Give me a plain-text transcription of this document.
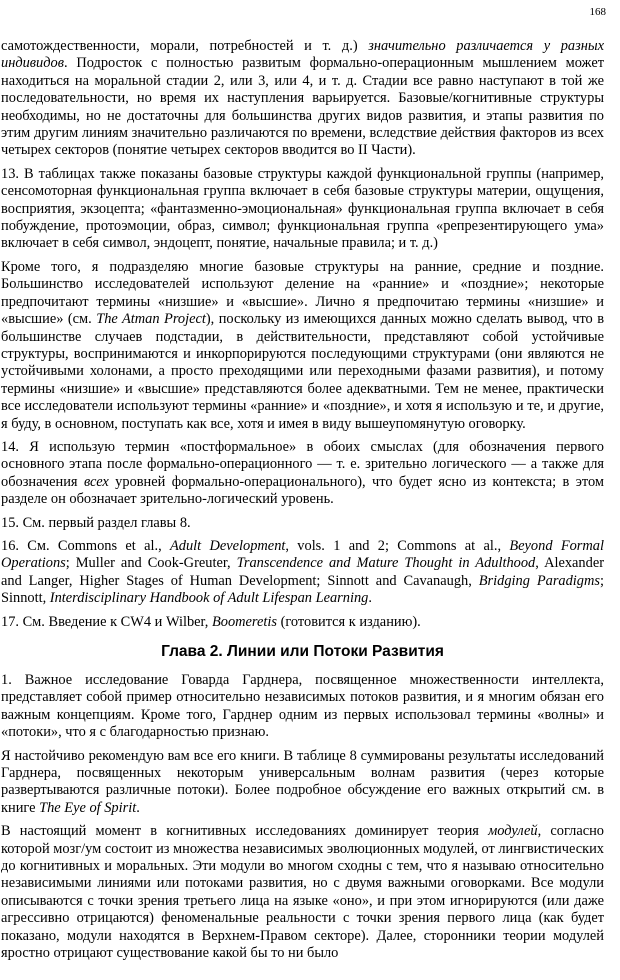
168

самотождественности, морали, потребностей и т. д.) значительно различается у разных индивидов. Подросток с полностью развитым формально-операционным мышлением может находиться на моральной стадии 2, или 3, или 4, и т. д. Стадии все равно наступают в той же последовательности, но время их наступления варьируется. Базовые/когнитивные структуры необходимы, но не достаточны для большинства других видов развития, и этапы развития по этим другим линиям значительно различаются по времени, вследствие действия факторов из всех четырех секторов (понятие четырех секторов вводится во II Части).

13. В таблицах также показаны базовые структуры каждой функциональной группы (например, сенсомоторная функциональная группа включает в себя базовые структуры материи, ощущения, восприятия, экзоцепта; «фантазменно-эмоциональная» функциональная группа включает в себя побуждение, протоэмоции, образ, символ; функциональная группа «репрезентирующего ума» включает в себя символ, эндоцепт, понятие, начальные правила; и т. д.)

Кроме того, я подразделяю многие базовые структуры на ранние, средние и поздние. Большинство исследователей используют деление на «ранние» и «поздние»; некоторые предпочитают термины «низшие» и «высшие». Лично я предпочитаю термины «низшие» и «высшие» (см. The Atman Project), поскольку из имеющихся данных можно сделать вывод, что в большинстве случаев подстадии, в действительности, представляют собой устойчивые структуры, воспринимаются и инкорпорируются последующими структурами (они являются не устойчивыми холонами, а просто преходящими или переходными фазами развития), и потому термины «низшие» и «высшие» представляются более адекватными. Тем не менее, практически все исследователи используют термины «ранние» и «поздние», и хотя я использую и те, и другие, я буду, в основном, поступать как все, хотя и имея в виду вышеупомянутую оговорку.

14. Я использую термин «постформальное» в обоих смыслах (для обозначения первого основного этапа после формально-операционного — т. е. зрительно логического — а также для обозначения всех уровней формально-операционального), что будет ясно из контекста; в этом разделе он обозначает зрительно-логический уровень.

15. См. первый раздел главы 8.

16. См. Commons et al., Adult Development, vols. 1 and 2; Commons at al., Beyond Formal Operations; Muller and Cook-Greuter, Transcendence and Mature Thought in Adulthood, Alexander and Langer, Higher Stages of Human Development; Sinnott and Cavanaugh, Bridging Paradigms; Sinnott, Interdisciplinary Handbook of Adult Lifespan Learning.

17. См. Введение к CW4 и Wilber, Boomeretis (готовится к изданию).

Глава 2. Линии или Потоки Развития

1. Важное исследование Говарда Гарднера, посвященное множественности интеллекта, представляет собой пример относительно независимых потоков развития, и я многим обязан его важным концепциям. Кроме того, Гарднер одним из первых использовал термины «волны» и «потоки», что я с благодарностью признаю.

Я настойчиво рекомендую вам все его книги. В таблице 8 суммированы результаты исследований Гарднера, посвященных некоторым универсальным волнам развития (через которые развертываются различные потоки). Более подробное обсуждение его важных открытий см. в книге The Eye of Spirit.

В настоящий момент в когнитивных исследованиях доминирует теория модулей, согласно которой мозг/ум состоит из множества независимых эволюционных модулей, от лингвистических до когнитивных и моральных. Эти модули во многом сходны с тем, что я называю относительно независимыми линиями или потоками развития, но с двумя важными оговорками. Все модули описываются с точки зрения третьего лица на языке «оно», и при этом игнорируются (или даже агрессивно отрицаются) феноменальные реальности с точки зрения первого лица (как будет показано, модули находятся в Верхнем-Правом секторе). Далее, сторонники теории модулей яростно отрицают существование какой бы то ни было
